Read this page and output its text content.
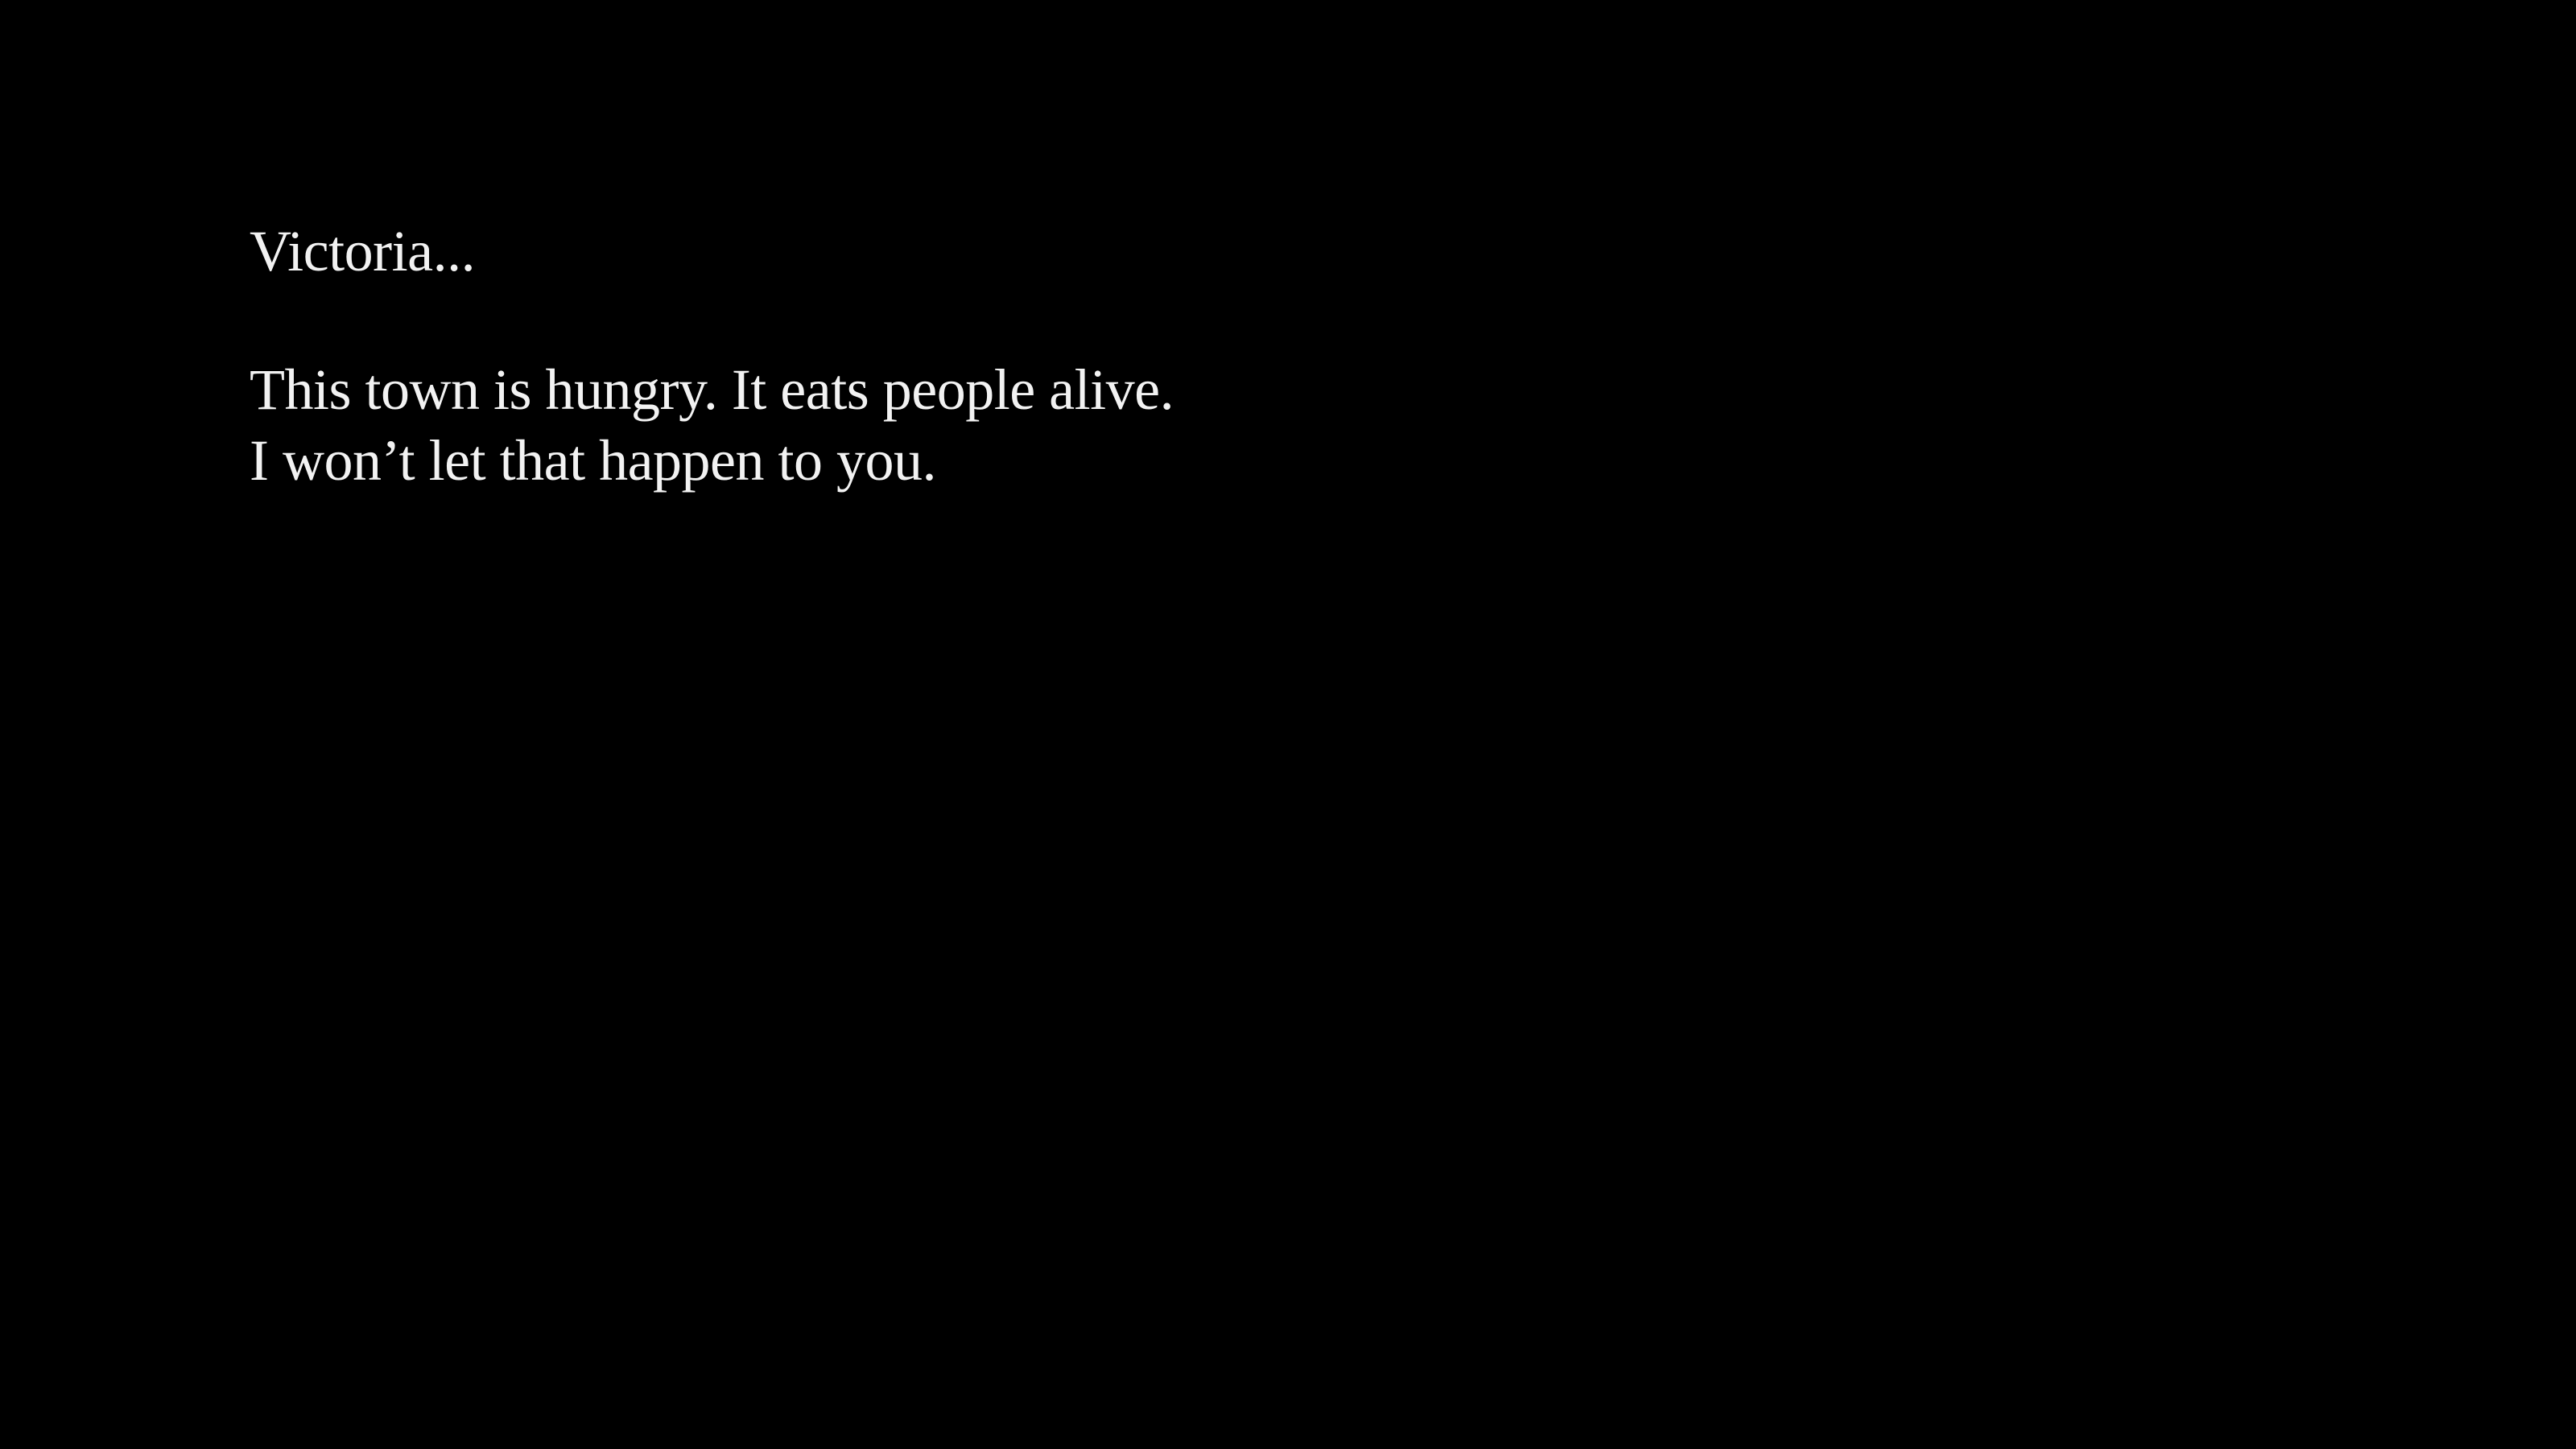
Victoria...

This town is hungry. It eats people alive.

I won’t let that happen to you.
